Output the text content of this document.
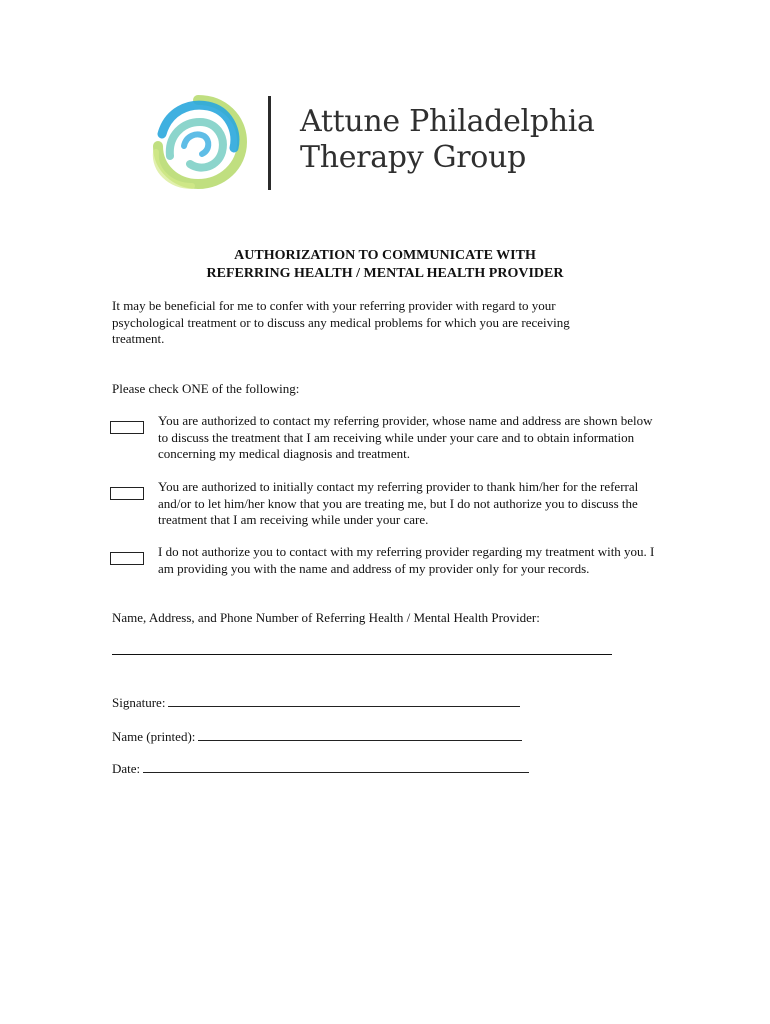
Attune Philadelphia
Therapy Group
AUTHORIZATION TO COMMUNICATE WITH
REFERRING HEALTH / MENTAL HEALTH PROVIDER
It may be beneficial for me to confer with your referring provider with regard to your psychological treatment or to discuss any medical problems for which you are receiving treatment.
Please check ONE of the following:
You are authorized to contact my referring provider, whose name and address are shown below to discuss the treatment that I am receiving while under your care and to obtain information concerning my medical diagnosis and treatment.
You are authorized to initially contact my referring provider to thank him/her for the referral and/or to let him/her know that you are treating me, but I do not authorize you to discuss the treatment that I am receiving while under your care.
I do not authorize you to contact with my referring provider regarding my treatment with you. I am providing you with the name and address of my provider only for your records.
Name, Address, and Phone Number of Referring Health / Mental Health Provider:
Signature:
Name (printed):
Date:
